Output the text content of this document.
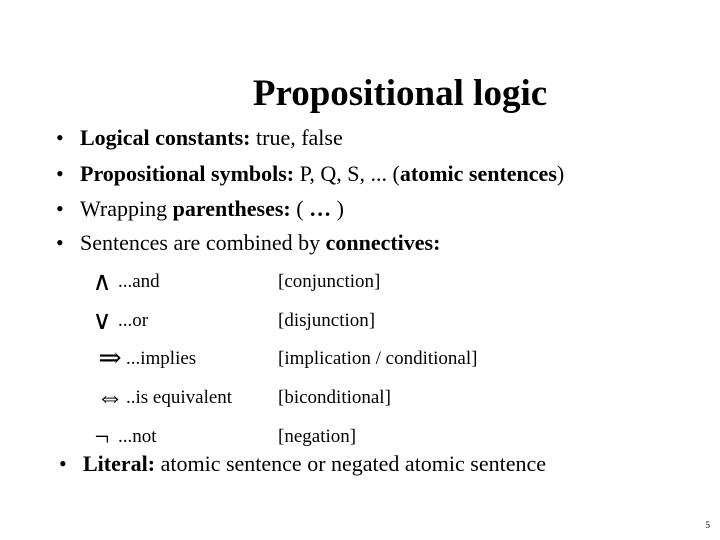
Propositional logic
• Logical constants: true, false
• Propositional symbols: P, Q, S, ... (atomic sentences)
• Wrapping parentheses: ( … )
• Sentences are combined by connectives:
∧ ...and	[conjunction]
∨ ...or	[disjunction]
⇒ ...implies	[implication / conditional]
⇔ ..is equivalent [biconditional]
¬ ...not	[negation]
• Literal: atomic sentence or negated atomic sentence
5
